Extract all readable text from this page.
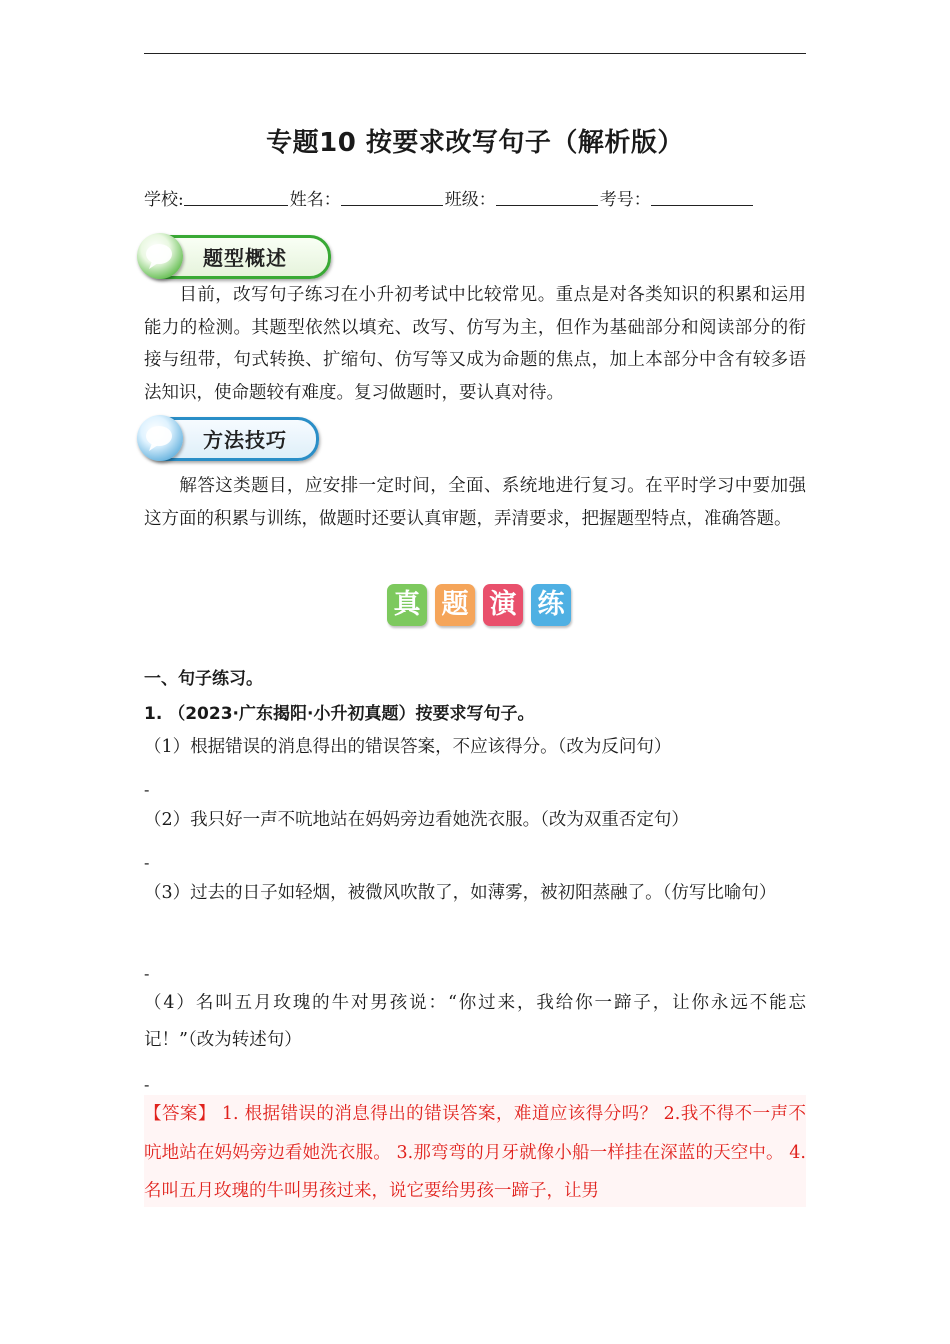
专题10 按要求改写句子（解析版）
学校:	姓名：	班级：	考号：
题型概述
目前，改写句子练习在小升初考试中比较常见。重点是对各类知识的积累和运用能力的检测。其题型依然以填充、改写、仿写为主，但作为基础部分和阅读部分的衔接与纽带，句式转换、扩缩句、仿写等又成为命题的焦点，加上本部分中含有较多语法知识，使命题较有难度。复习做题时，要认真对待。
方法技巧
解答这类题目，应安排一定时间，全面、系统地进行复习。在平时学习中要加强这方面的积累与训练，做题时还要认真审题，弄清要求，把握题型特点，准确答题。
真 题 演 练
一、句子练习。
1. （2023·广东揭阳·小升初真题）按要求写句子。
（1）根据错误的消息得出的错误答案，不应该得分。（改为反问句）
-
（2）我只好一声不吭地站在妈妈旁边看她洗衣服。（改为双重否定句）
-
（3）过去的日子如轻烟，被微风吹散了，如薄雾，被初阳蒸融了。（仿写比喻句）
-
（4）名叫五月玫瑰的牛对男孩说：“你过来，我给你一蹄子，让你永远不能忘记！”（改为转述句）
-
【答案】 1. 根据错误的消息得出的错误答案，难道应该得分吗？ 2.我不得不一声不吭地站在妈妈旁边看她洗衣服。 3.那弯弯的月牙就像小船一样挂在深蓝的天空中。 4.名叫五月玫瑰的牛叫男孩过来，说它要给男孩一蹄子，让男
